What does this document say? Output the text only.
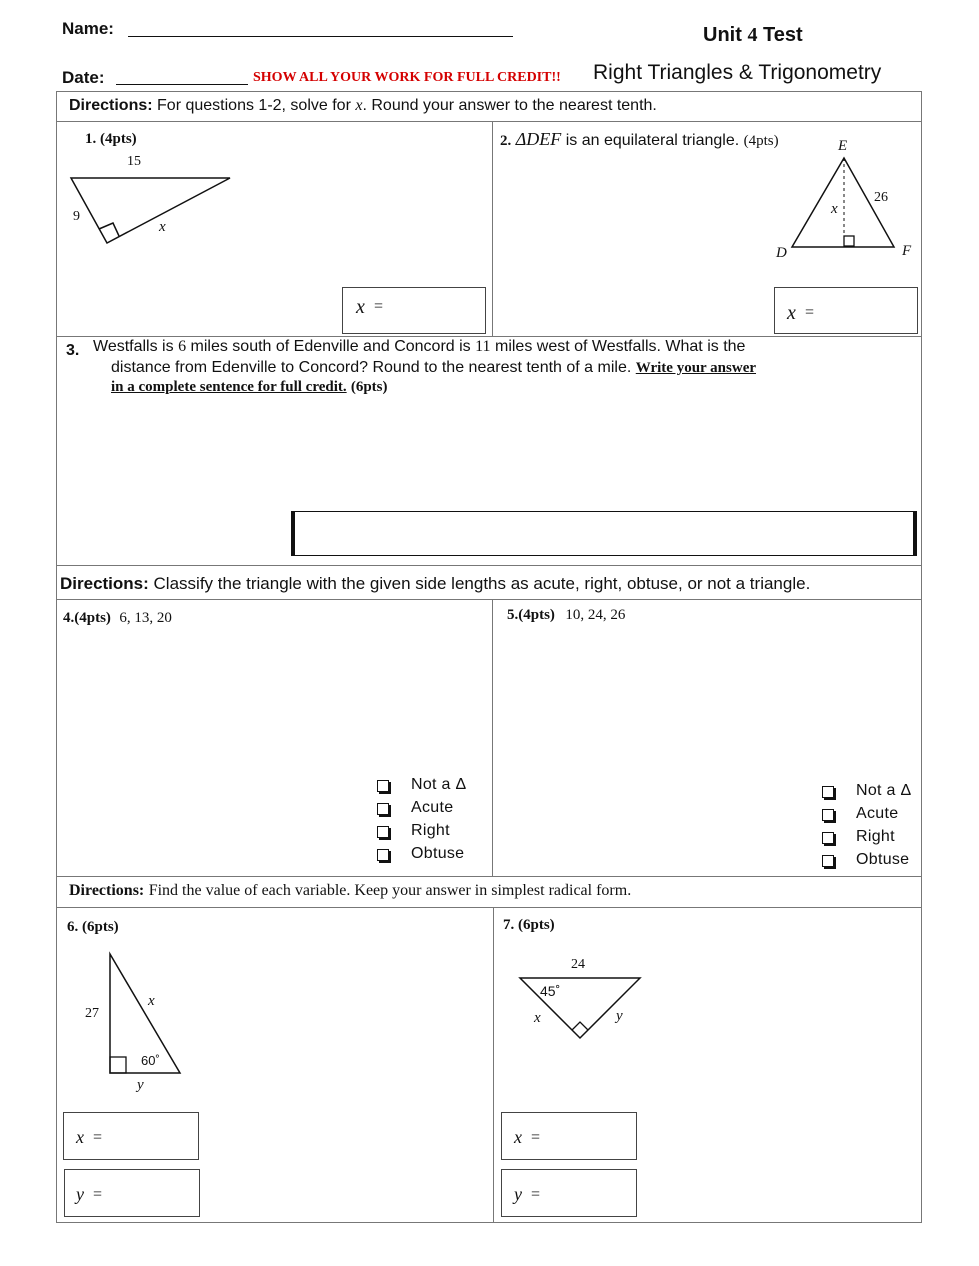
Name:	Unit 4 Test
Date:	SHOW ALL YOUR WORK FOR FULL CREDIT!! Right Triangles & Trigonometry
Directions: For questions 1-2, solve for x. Round your answer to the nearest tenth.
1. (4pts)
15
9
x
x =
2. ΔDEF is an equilateral triangle. (4pts)	E
D	F
26
x
x =
3. Westfalls is 6 miles south of Edenville and Concord is 11 miles west of Westfalls. What is the
distance from Edenville to Concord? Round to the nearest tenth of a mile. Write your answer
in a complete sentence for full credit. (6pts)
Directions: Classify the triangle with the given side lengths as acute, right, obtuse, or not a triangle.
4.(4pts) 6, 13, 20
Not a Δ
Acute
Right
Obtuse
5.(4pts) 10, 24, 26
Not a Δ
Acute
Right
Obtuse
Directions: Find the value of each variable. Keep your answer in simplest radical form.
6. (6pts)
27
x
60˚
y
x =
y =
7. (6pts)
24
45˚
x	y
x =
y =
